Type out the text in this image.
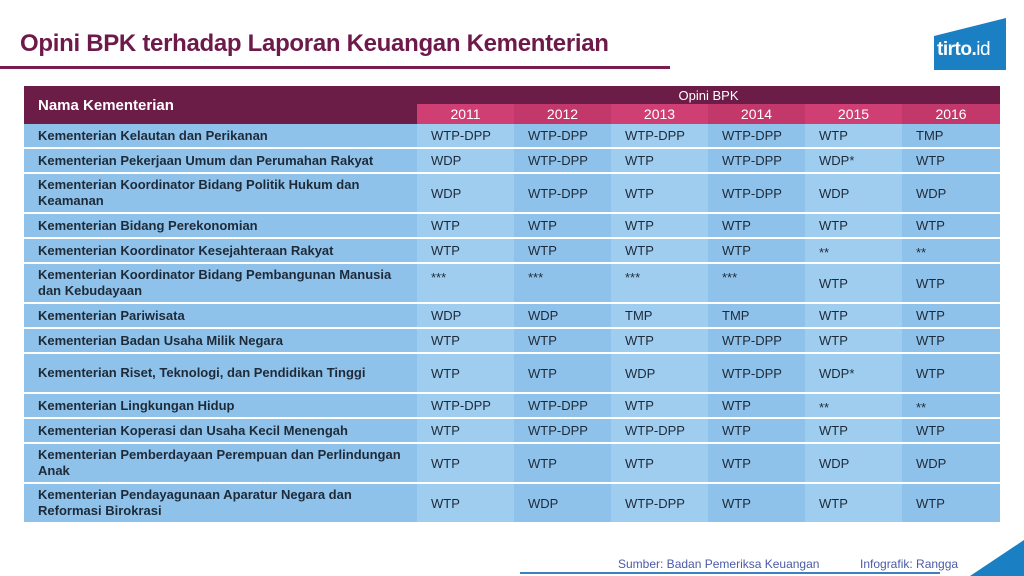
Opini BPK terhadap Laporan Keuangan Kementerian	tirto.id
Nama Kementerian	Opini BPK					
	2011	2012	2013	2014	2015	2016
Kementerian Kelautan dan Perikanan	WTP-DPP	WTP-DPP	WTP-DPP	WTP-DPP	WTP	TMP
Kementerian Pekerjaan Umum dan Perumahan Rakyat	WDP	WTP-DPP	WTP	WTP-DPP	WDP*	WTP
Kementerian Koordinator Bidang Politik Hukum dan Keamanan	WDP	WTP-DPP	WTP	WTP-DPP	WDP	WDP
Kementerian Bidang Perekonomian	WTP	WTP	WTP	WTP	WTP	WTP
Kementerian Koordinator Kesejahteraan Rakyat	WTP	WTP	WTP	WTP	**	**
Kementerian Koordinator Bidang Pembangunan Manusia dan Kebudayaan	***	***	***	***	WTP	WTP
Kementerian Pariwisata	WDP	WDP	TMP	TMP	WTP	WTP
Kementerian Badan Usaha Milik Negara	WTP	WTP	WTP	WTP-DPP	WTP	WTP
Kementerian Riset, Teknologi, dan Pendidikan Tinggi	WTP	WTP	WDP	WTP-DPP	WDP*	WTP
Kementerian Lingkungan Hidup	WTP-DPP	WTP-DPP	WTP	WTP	**	**
Kementerian Koperasi dan Usaha Kecil Menengah	WTP	WTP-DPP	WTP-DPP	WTP	WTP	WTP
Kementerian Pemberdayaan Perempuan dan Perlindungan Anak	WTP	WTP	WTP	WTP	WDP	WDP
Kementerian Pendayagunaan Aparatur Negara dan Reformasi Birokrasi	WTP	WDP	WTP-DPP	WTP	WTP	WTP
Sumber: Badan Pemeriksa Keuangan	Infografik: Rangga
